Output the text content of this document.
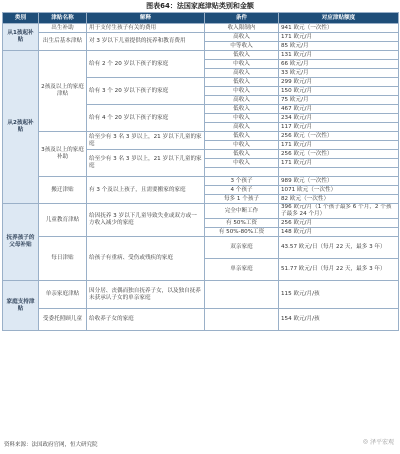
图表64：法国家庭津贴类别和金额
类别	津贴名称	解释	条件	对应津贴额度
从1孩起补贴	出生补助	用于支付生孩子有关的费用	收入限制内	941 欧元（一次性）
	出生后基本津贴	对 3 岁以下儿童提供的抚养和教育费用	高收入	171 欧元/月
			中等收入	85 欧元/月
从2孩起补贴	2孩及以上的家庭津贴	给有 2 个 20 岁以下孩子的家庭	低收入	131 欧元/月
			中收入	66 欧元/月
			高收入	33 欧元/月
		给有 3 个 20 岁以下孩子的家庭	低收入	299 欧元/月
			中收入	150 欧元/月
			高收入	75 欧元/月
		给有 4 个 20 岁以下孩子的家庭	低收入	467 欧元/月
			中收入	234 欧元/月
			高收入	117 欧元/月
	3孩及以上的家庭补助	给至少有 3 名 3 岁以上，21 岁以下儿童的家庭	低收入	256 欧元（一次性）
			中收入	171 欧元/月
		给至少有 3 名 3 岁以上，21 岁以下儿童的家庭	低收入	256 欧元（一次性）
			中收入	171 欧元/月

	搬迁津贴	有 3 个及以上孩子，且需要搬家的家庭	3 个孩子	989 欧元（一次性）
			4 个孩子	1071 欧元（一次性）
			每多 1 个孩子	82 欧元（一次性）
抚养孩子的父母补贴	儿童教育津贴	给因抚养 3 岁以下儿童导致失业或双方或一方收入减少的家庭	完全中断工作	396 欧元/月（1 个孩子最多 6 个月，2 个孩子最多 24 个月）
			有 50%工资	256 欧元/月
			有 50%-80%工资	148 欧元/月
	每日津贴	给孩子有重病、受伤或残疾的家庭	双亲家庭	43.57 欧元/日（每月 22 天，最多 3 年）
			单亲家庭	51.77 欧元/日（每月 22 天，最多 3 年）
家庭支持津贴	单亲家庭津贴	因分居、丧偶而独自抚养子女，以及独自抚养未获承认子女的单亲家庭		115 欧元/月/孩
	受委托照顾儿童	给收养子女的家庭		154 欧元/月/孩
资料来源：法国政府官网，恒大研究院	◎ 泽平宏观
